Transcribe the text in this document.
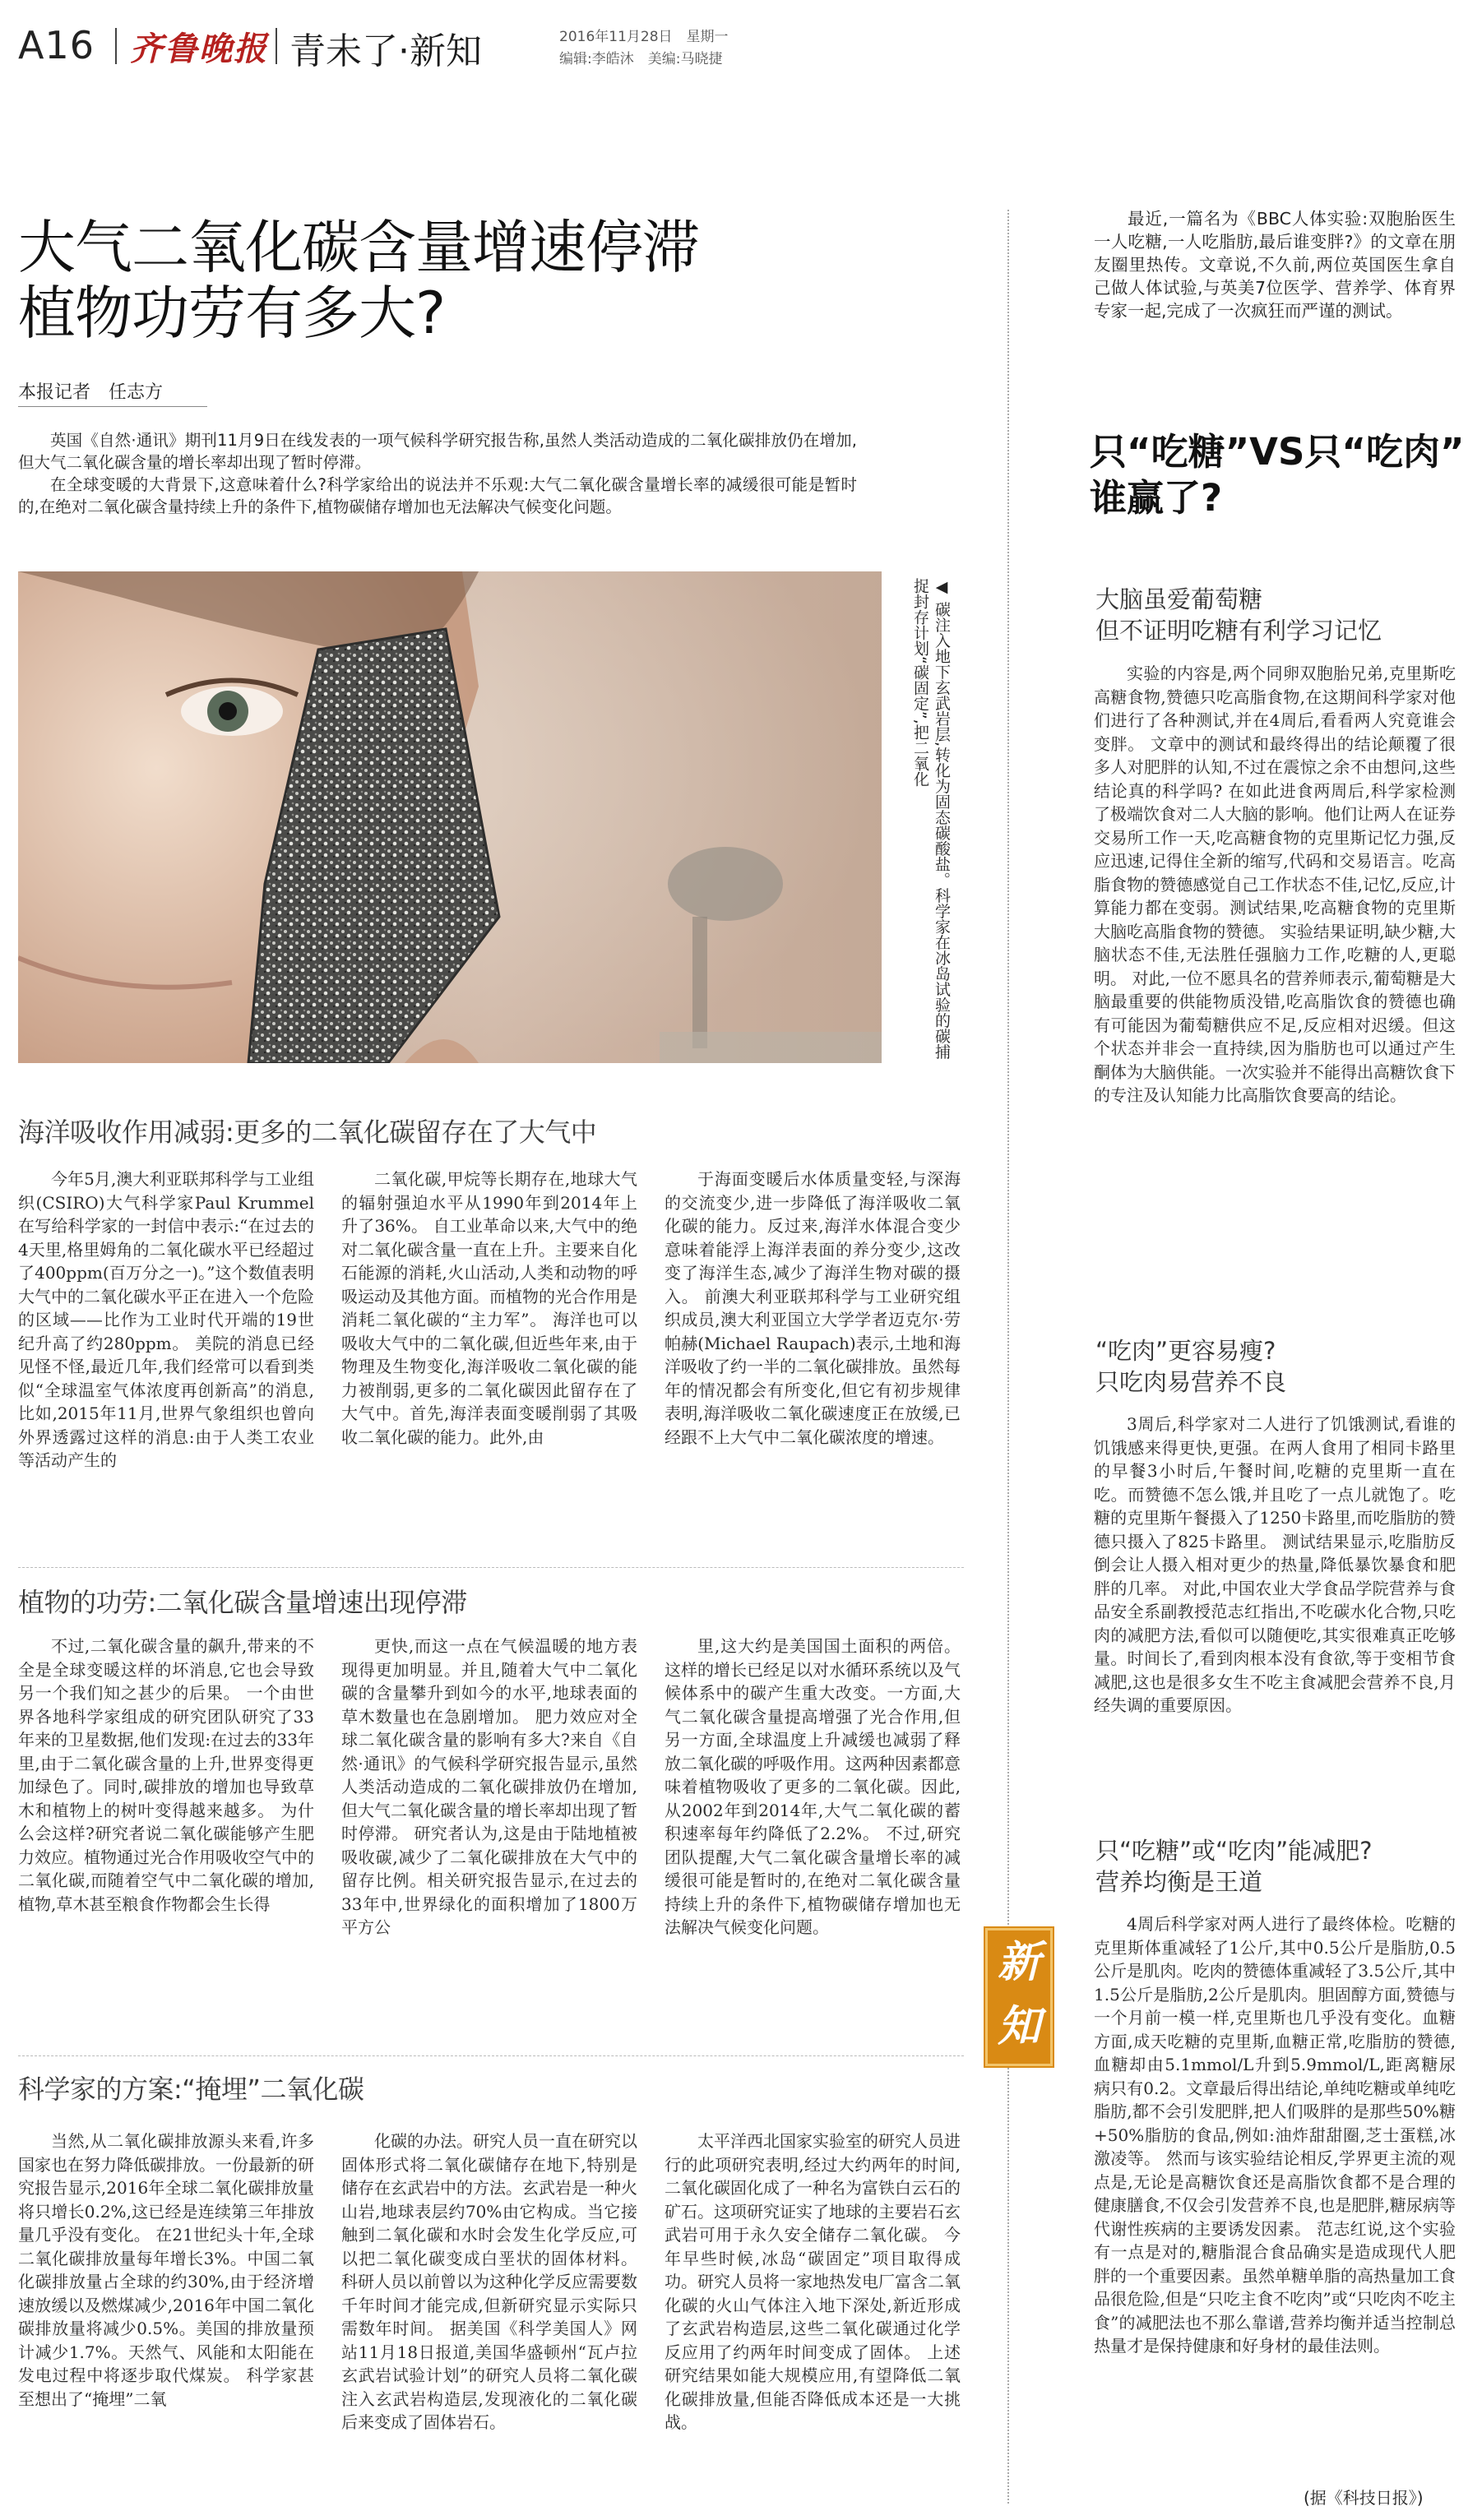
A16 齐鲁晚报 青未了·新知	2016年11月28日　星期一
编辑:李皓沐　美编:马晓捷
大气二氧化碳含量增速停滞
植物功劳有多大?
本报记者　任志方

英国《自然·通讯》期刊11月9日在线发表的一项气候科学研究报告称,虽然人类活动造成的二氧化碳排放仍在增加,但大气二氧化碳含量的增长率却出现了暂时停滞。

在全球变暖的大背景下,这意味着什么?科学家给出的说法并不乐观:大气二氧化碳含量增长率的减缓很可能是暂时的,在绝对二氧化碳含量持续上升的条件下,植物碳储存增加也无法解决气候变化问题。

◀ 碳注入地下玄武岩层,转化为固态碳酸盐。科学家在冰岛试验的碳捕捉封存计划“碳固定”,把二氧化
海洋吸收作用减弱:更多的二氧化碳留存在了大气中

今年5月,澳大利亚联邦科学与工业组织(CSIRO)大气科学家Paul Krummel在写给科学家的一封信中表示:“在过去的4天里,格里姆角的二氧化碳水平已经超过了400ppm(百万分之一)。”这个数值表明大气中的二氧化碳水平正在进入一个危险的区域——比作为工业时代开端的19世纪升高了约280ppm。 美院的消息已经见怪不怪,最近几年,我们经常可以看到类似“全球温室气体浓度再创新高”的消息,比如,2015年11月,世界气象组织也曾向外界透露过这样的消息:由于人类工农业等活动产生的

二氧化碳,甲烷等长期存在,地球大气的辐射强迫水平从1990年到2014年上升了36%。 自工业革命以来,大气中的绝对二氧化碳含量一直在上升。主要来自化石能源的消耗,火山活动,人类和动物的呼吸运动及其他方面。而植物的光合作用是消耗二氧化碳的“主力军”。 海洋也可以吸收大气中的二氧化碳,但近些年来,由于物理及生物变化,海洋吸收二氧化碳的能力被削弱,更多的二氧化碳因此留存在了大气中。首先,海洋表面变暖削弱了其吸收二氧化碳的能力。此外,由

于海面变暖后水体质量变轻,与深海的交流变少,进一步降低了海洋吸收二氧化碳的能力。反过来,海洋水体混合变少意味着能浮上海洋表面的养分变少,这改变了海洋生态,减少了海洋生物对碳的摄入。 前澳大利亚联邦科学与工业研究组织成员,澳大利亚国立大学学者迈克尔·劳帕赫(Michael Raupach)表示,土地和海洋吸收了约一半的二氧化碳排放。虽然每年的情况都会有所变化,但它有初步规律表明,海洋吸收二氧化碳速度正在放缓,已经跟不上大气中二氧化碳浓度的增速。

植物的功劳:二氧化碳含量增速出现停滞

不过,二氧化碳含量的飙升,带来的不全是全球变暖这样的坏消息,它也会导致另一个我们知之甚少的后果。 一个由世界各地科学家组成的研究团队研究了33年来的卫星数据,他们发现:在过去的33年里,由于二氧化碳含量的上升,世界变得更加绿色了。同时,碳排放的增加也导致草木和植物上的树叶变得越来越多。 为什么会这样?研究者说二氧化碳能够产生肥力效应。植物通过光合作用吸收空气中的二氧化碳,而随着空气中二氧化碳的增加,植物,草木甚至粮食作物都会生长得

更快,而这一点在气候温暖的地方表现得更加明显。并且,随着大气中二氧化碳的含量攀升到如今的水平,地球表面的草木数量也在急剧增加。 肥力效应对全球二氧化碳含量的影响有多大?来自《自然·通讯》的气候科学研究报告显示,虽然人类活动造成的二氧化碳排放仍在增加,但大气二氧化碳含量的增长率却出现了暂时停滞。 研究者认为,这是由于陆地植被吸收碳,减少了二氧化碳排放在大气中的留存比例。相关研究报告显示,在过去的33年中,世界绿化的面积增加了1800万平方公

里,这大约是美国国土面积的两倍。这样的增长已经足以对水循环系统以及气候体系中的碳产生重大改变。一方面,大气二氧化碳含量提高增强了光合作用,但另一方面,全球温度上升减缓也减弱了释放二氧化碳的呼吸作用。这两种因素都意味着植物吸收了更多的二氧化碳。因此,从2002年到2014年,大气二氧化碳的蓄积速率每年约降低了2.2%。 不过,研究团队提醒,大气二氧化碳含量增长率的减缓很可能是暂时的,在绝对二氧化碳含量持续上升的条件下,植物碳储存增加也无法解决气候变化问题。

科学家的方案:“掩埋”二氧化碳

当然,从二氧化碳排放源头来看,许多国家也在努力降低碳排放。一份最新的研究报告显示,2016年全球二氧化碳排放量将只增长0.2%,这已经是连续第三年排放量几乎没有变化。 在21世纪头十年,全球二氧化碳排放量每年增长3%。中国二氧化碳排放量占全球的约30%,由于经济增速放缓以及燃煤减少,2016年中国二氧化碳排放量将减少0.5%。美国的排放量预计减少1.7%。天然气、风能和太阳能在发电过程中将逐步取代煤炭。 科学家甚至想出了“掩埋”二氧

化碳的办法。研究人员一直在研究以固体形式将二氧化碳储存在地下,特别是储存在玄武岩中的方法。玄武岩是一种火山岩,地球表层约70%由它构成。当它接触到二氧化碳和水时会发生化学反应,可以把二氧化碳变成白垩状的固体材料。 科研人员以前曾以为这种化学反应需要数千年时间才能完成,但新研究显示实际只需数年时间。 据美国《科学美国人》网站11月18日报道,美国华盛顿州“瓦卢拉玄武岩试验计划”的研究人员将二氧化碳注入玄武岩构造层,发现液化的二氧化碳后来变成了固体岩石。

太平洋西北国家实验室的研究人员进行的此项研究表明,经过大约两年的时间,二氧化碳固化成了一种名为富铁白云石的矿石。这项研究证实了地球的主要岩石玄武岩可用于永久安全储存二氧化碳。 今年早些时候,冰岛“碳固定”项目取得成功。研究人员将一家地热发电厂富含二氧化碳的火山气体注入地下深处,新近形成了玄武岩构造层,这些二氧化碳通过化学反应用了约两年时间变成了固体。 上述研究结果如能大规模应用,有望降低二氧化碳排放量,但能否降低成本还是一大挑战。

最近,一篇名为《BBC人体实验:双胞胎医生一人吃糖,一人吃脂肪,最后谁变胖?》的文章在朋友圈里热传。文章说,不久前,两位英国医生拿自己做人体试验,与英美7位医学、营养学、体育界专家一起,完成了一次疯狂而严谨的测试。
只“吃糖”VS只“吃肉”
谁赢了?
大脑虽爱葡萄糖
但不证明吃糖有利学习记忆

实验的内容是,两个同卵双胞胎兄弟,克里斯吃高糖食物,赞德只吃高脂食物,在这期间科学家对他们进行了各种测试,并在4周后,看看两人究竟谁会变胖。 文章中的测试和最终得出的结论颠覆了很多人对肥胖的认知,不过在震惊之余不由想问,这些结论真的科学吗? 在如此进食两周后,科学家检测了极端饮食对二人大脑的影响。他们让两人在证券交易所工作一天,吃高糖食物的克里斯记忆力强,反应迅速,记得住全新的缩写,代码和交易语言。吃高脂食物的赞德感觉自己工作状态不佳,记忆,反应,计算能力都在变弱。测试结果,吃高糖食物的克里斯大脑吃高脂食物的赞德。 实验结果证明,缺少糖,大脑状态不佳,无法胜任强脑力工作,吃糖的人,更聪明。 对此,一位不愿具名的营养师表示,葡萄糖是大脑最重要的供能物质没错,吃高脂饮食的赞德也确有可能因为葡萄糖供应不足,反应相对迟缓。但这个状态并非会一直持续,因为脂肪也可以通过产生酮体为大脑供能。一次实验并不能得出高糖饮食下的专注及认知能力比高脂饮食要高的结论。

“吃肉”更容易瘦?
只吃肉易营养不良

3周后,科学家对二人进行了饥饿测试,看谁的饥饿感来得更快,更强。在两人食用了相同卡路里的早餐3小时后,午餐时间,吃糖的克里斯一直在吃。而赞德不怎么饿,并且吃了一点儿就饱了。吃糖的克里斯午餐摄入了1250卡路里,而吃脂肪的赞德只摄入了825卡路里。 测试结果显示,吃脂肪反倒会让人摄入相对更少的热量,降低暴饮暴食和肥胖的几率。 对此,中国农业大学食品学院营养与食品安全系副教授范志红指出,不吃碳水化合物,只吃肉的减肥方法,看似可以随便吃,其实很难真正吃够量。时间长了,看到肉根本没有食欲,等于变相节食减肥,这也是很多女生不吃主食减肥会营养不良,月经失调的重要原因。

只“吃糖”或“吃肉”能减肥?
营养均衡是王道

4周后科学家对两人进行了最终体检。吃糖的克里斯体重减轻了1公斤,其中0.5公斤是脂肪,0.5公斤是肌肉。吃肉的赞德体重减轻了3.5公斤,其中1.5公斤是脂肪,2公斤是肌肉。胆固醇方面,赞德与一个月前一模一样,克里斯也几乎没有变化。血糖方面,成天吃糖的克里斯,血糖正常,吃脂肪的赞德,血糖却由5.1mmol/L升到5.9mmol/L,距离糖尿病只有0.2。文章最后得出结论,单纯吃糖或单纯吃脂肪,都不会引发肥胖,把人们吸胖的是那些50%糖+50%脂肪的食品,例如:油炸甜甜圈,芝士蛋糕,冰激凌等。 然而与该实验结论相反,学界更主流的观点是,无论是高糖饮食还是高脂饮食都不是合理的健康膳食,不仅会引发营养不良,也是肥胖,糖尿病等代谢性疾病的主要诱发因素。 范志红说,这个实验有一点是对的,糖脂混合食品确实是造成现代人肥胖的一个重要因素。虽然单糖单脂的高热量加工食品很危险,但是“只吃主食不吃肉”或“只吃肉不吃主食”的减肥法也不那么靠谱,营养均衡并适当控制总热量才是保持健康和好身材的最佳法则。

(据《科技日报》)
新
知
